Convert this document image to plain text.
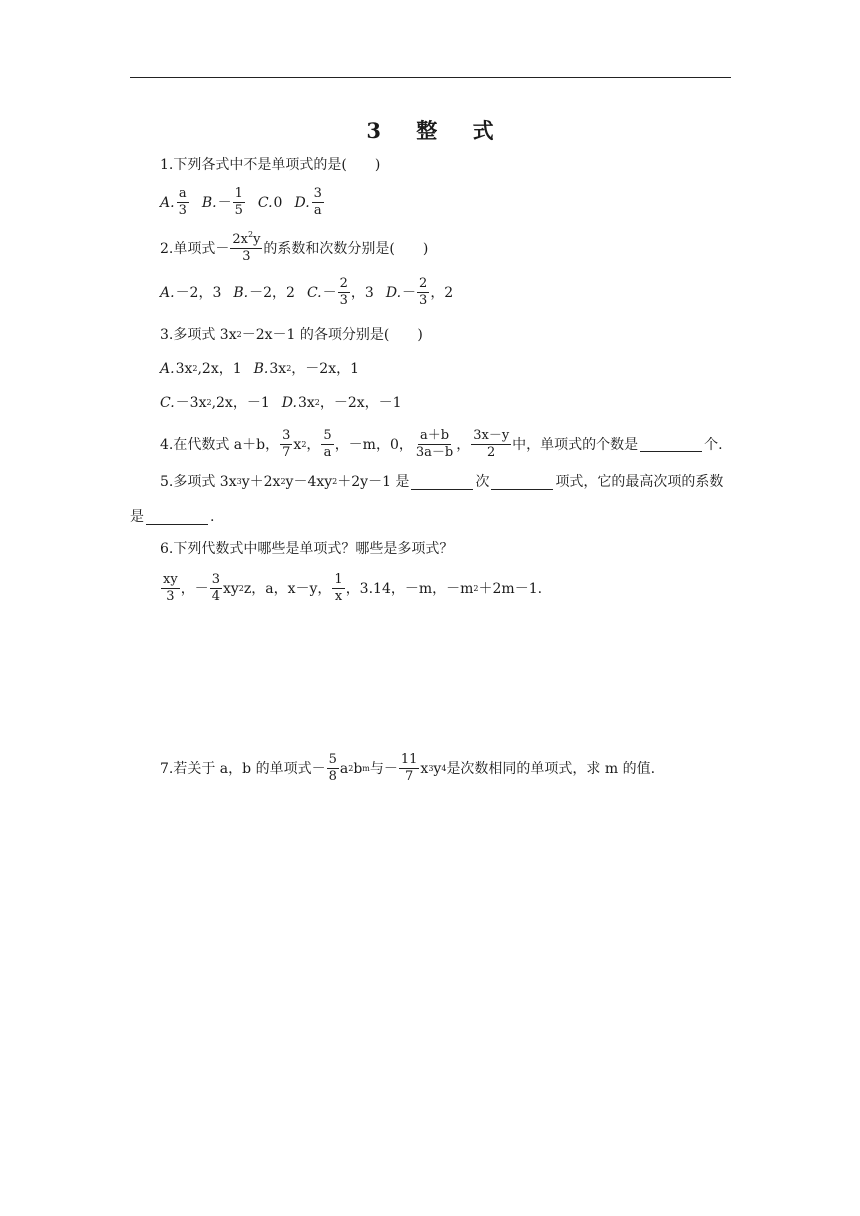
3 整 式
1.下列各式中不是单项式的是(　　)
A. $\frac{a}{3} B$. － $\frac{1}{5} C$. 0 D. $\frac{3}{a}$
2.单项式－ $\frac{2x^2y}{3}$ 的系数和次数分别是(　　)
A. －2，3 B. －2，2 C. － $\frac{2}{3}$ ，3 D. － $\frac{2}{3}$ ，2
3.多项式 3x 2 －2x－1 的各项分别是(　　)
A. 3x 2 ,2x，1 B. 3x 2 ，－2x，1
C. －3x 2 ,2x，－1 D. 3x 2 ，－2x，－1
4.在代数式 a＋b， $\frac{3}{7}$ x 2 ， $\frac{5}{a}$ ，－m，0， $\frac{a+b}{3a-b}$ ， $\frac{3x-y}{2}$ 中，单项式的个数是	个.
5.多项式 3x 3 y＋2x 2 y－4xy 2 ＋2y－1 是	次	项式，它的最高次项的系数
是	.
6.下列代数式中哪些是单项式？哪些是多项式？
$\frac{xy}{3}$ ，－ $\frac{3}{4}$ xy 2 z，a，x－y， $\frac{1}{x}$ ，3.14，－m，－m 2 ＋2m－1.
7.若关于 a，b 的单项式－ $\frac{5}{8}$ a 2 b m 与－ $\frac{11}{7}$ x 3 y 4 是次数相同的单项式，求 m 的值.
